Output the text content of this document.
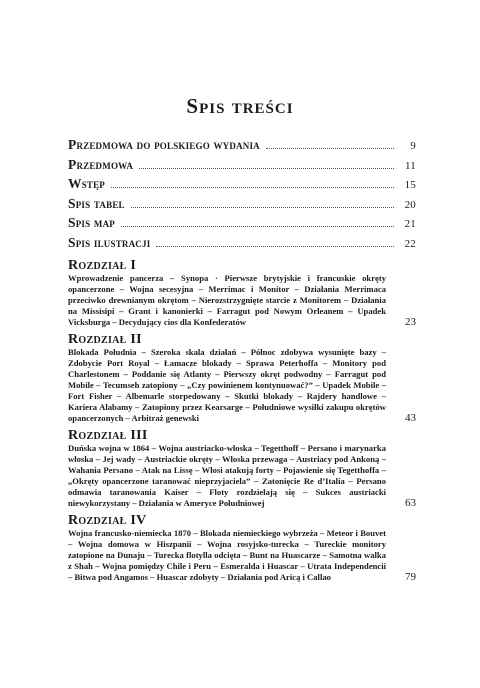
Spis treści
Przedmowa do polskiego wydania	9
Przedmowa	11
Wstęp	15
Spis tabel	20
Spis map	21
Spis ilustracji	22
Rozdział I
Wprowadzenie pancerza – Synopa · Pierwsze brytyjskie i francuskie okręty opancerzone – Wojna secesyjna – Merrimac i Monitor – Działania Merrimaca przeciwko drewnianym okrętom – Nierozstrzygnięte starcie z Monitorem – Działania na Missisipi – Grant i kanonierki – Farragut pod Nowym Orleanem – Upadek Vicksburga – Decydujący cios dla Konfederatów	23
Rozdział II
Blokada Południa – Szeroka skala działań – Północ zdobywa wysunięte bazy – Zdobycie Port Royal – Łamacze blokady – Sprawa Peterhoffa – Monitory pod Charlestonem – Poddanie się Atlanty – Pierwszy okręt podwodny – Farragut pod Mobile – Tecumseh zatopiony – „Czy powinienem kontynuować?” – Upadek Mobile – Fort Fisher – Albemarle storpedowany – Skutki blokady – Rajdery handlowe – Kariera Alabamy – Zatopiony przez Kearsarge – Południowe wysiłki zakupu okrętów opancerzonych – Arbitraż genewski	43
Rozdział III
Duńska wojna w 1864 – Wojna austriacko-włoska – Tegetthoff – Persano i marynarka włoska – Jej wady – Austriackie okręty – Włoska przewaga – Austriacy pod Ankoną – Wahania Persano – Atak na Lissę – Włosi atakują forty – Pojawienie się Tegetthoffa – „Okręty opancerzone taranować nieprzyjaciela” – Zatonięcie Re d’Italia – Persano odmawia taranowania Kaiser – Floty rozdzielają się – Sukces austriacki niewykorzystany – Działania w Ameryce Południowej	63
Rozdział IV
Wojna francusko-niemiecka 1870 – Blokada niemieckiego wybrzeża – Meteor i Bouvet – Wojna domowa w Hiszpanii – Wojna rosyjsko-turecka – Tureckie monitory zatopione na Dunaju – Turecka flotylla odcięta – Bunt na Huascarze – Samotna walka z Shah – Wojna pomiędzy Chile i Peru – Esmeralda i Huascar – Utrata Independencii – Bitwa pod Angamos – Huascar zdobyty – Działania pod Aricą i Callao	79
